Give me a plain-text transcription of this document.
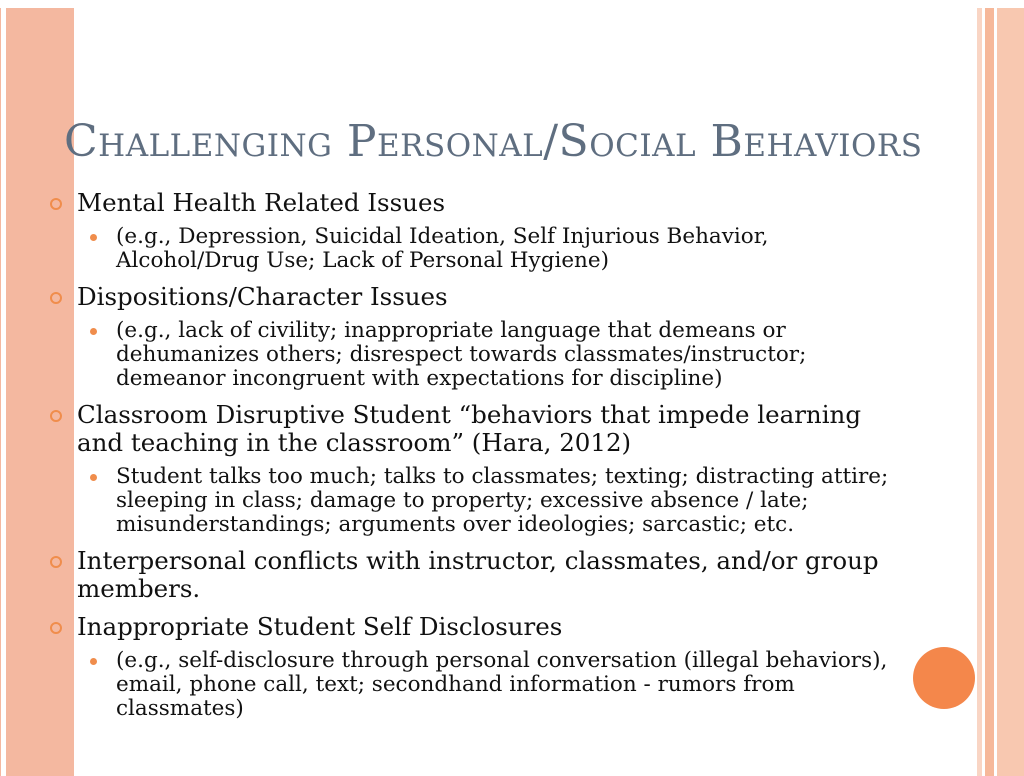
Challenging Personal/Social Behaviors
Mental Health Related Issues
(e.g., Depression, Suicidal Ideation, Self Injurious Behavior, Alcohol/Drug Use; Lack of Personal Hygiene)
Dispositions/Character Issues
(e.g., lack of civility; inappropriate language that demeans or dehumanizes others; disrespect towards classmates/instructor; demeanor incongruent with expectations for discipline)
Classroom Disruptive Student “behaviors that impede learning and teaching in the classroom” (Hara, 2012)
Student talks too much; talks to classmates; texting; distracting attire; sleeping in class; damage to property; excessive absence / late; misunderstandings; arguments over ideologies; sarcastic; etc.
Interpersonal conflicts with instructor, classmates, and/or group members.
Inappropriate Student Self Disclosures
(e.g., self-disclosure through personal conversation (illegal behaviors), email, phone call, text; secondhand information - rumors from classmates)
